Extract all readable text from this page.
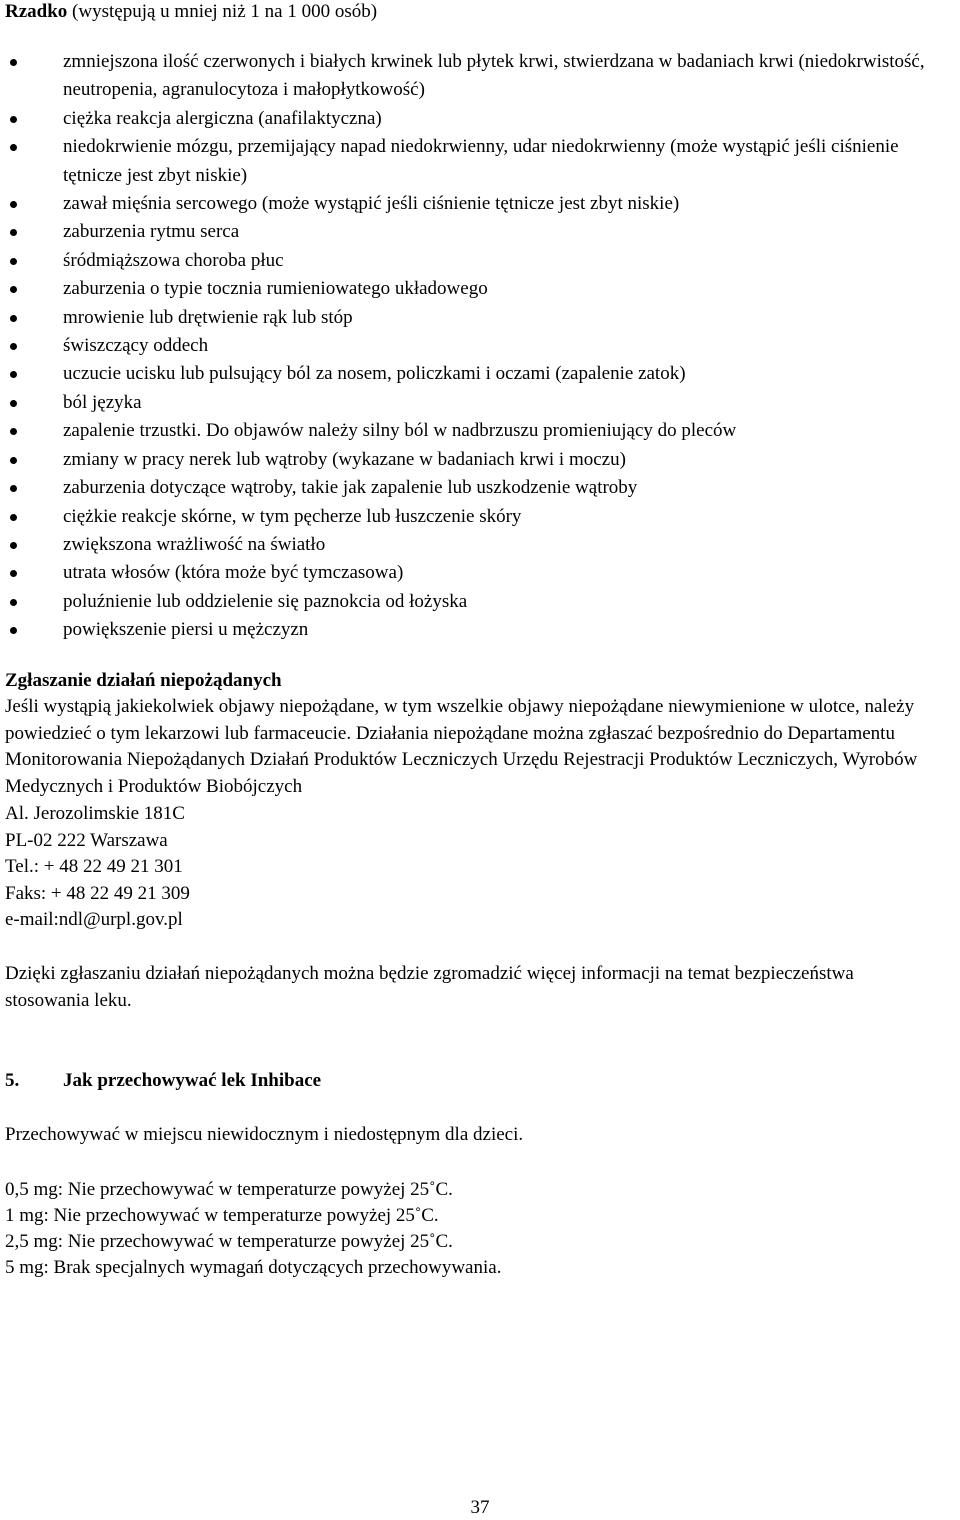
Rzadko (występują u mniej niż 1 na 1 000 osób)

zmniejszona ilość czerwonych i białych krwinek lub płytek krwi, stwierdzana w badaniach krwi (niedokrwistość, neutropenia, agranulocytoza i małopłytkowość)
ciężka reakcja alergiczna (anafilaktyczna)
niedokrwienie mózgu, przemijający napad niedokrwienny, udar niedokrwienny (może wystąpić jeśli ciśnienie tętnicze jest zbyt niskie)
zawał mięśnia sercowego (może wystąpić jeśli ciśnienie tętnicze jest zbyt niskie)
zaburzenia rytmu serca
śródmiąższowa choroba płuc
zaburzenia o typie tocznia rumieniowatego układowego
mrowienie lub drętwienie rąk lub stóp
świszczący oddech
uczucie ucisku lub pulsujący ból za nosem, policzkami i oczami (zapalenie zatok)
ból języka
zapalenie trzustki. Do objawów należy silny ból w nadbrzuszu promieniujący do pleców
zmiany w pracy nerek lub wątroby (wykazane w badaniach krwi i moczu)
zaburzenia dotyczące wątroby, takie jak zapalenie lub uszkodzenie wątroby
ciężkie reakcje skórne, w tym pęcherze lub łuszczenie skóry
zwiększona wrażliwość na światło
utrata włosów (która może być tymczasowa)
poluźnienie lub oddzielenie się paznokcia od łożyska
powiększenie piersi u mężczyzn

Zgłaszanie działań niepożądanych

Jeśli wystąpią jakiekolwiek objawy niepożądane, w tym wszelkie objawy niepożądane niewymienione w ulotce, należy powiedzieć o tym lekarzowi lub farmaceucie. Działania niepożądane można zgłaszać bezpośrednio do Departamentu Monitorowania Niepożądanych Działań Produktów Leczniczych Urzędu Rejestracji Produktów Leczniczych, Wyrobów Medycznych i Produktów Biobójczych

Al. Jerozolimskie 181C
PL-02 222 Warszawa
Tel.: + 48 22 49 21 301
Faks: + 48 22 49 21 309
e-mail:ndl@urpl.gov.pl

Dzięki zgłaszaniu działań niepożądanych można będzie zgromadzić więcej informacji na temat bezpieczeństwa stosowania leku.

5. Jak przechowywać lek Inhibace

Przechowywać w miejscu niewidocznym i niedostępnym dla dzieci.

0,5 mg: Nie przechowywać w temperaturze powyżej 25˚C.
1 mg: Nie przechowywać w temperaturze powyżej 25˚C.
2,5 mg: Nie przechowywać w temperaturze powyżej 25˚C.
5 mg: Brak specjalnych wymagań dotyczących przechowywania.
37
